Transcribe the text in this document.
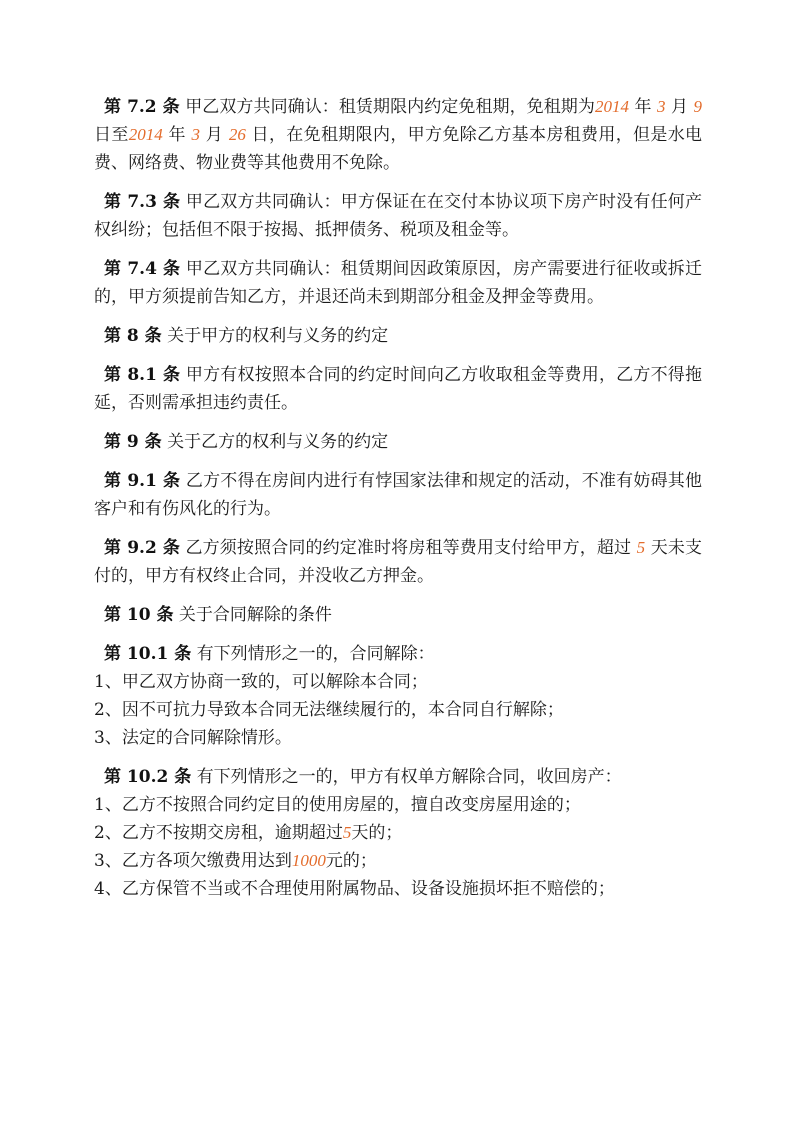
第 7.2 条 甲乙双方共同确认：租赁期限内约定免租期，免租期为2014 年 3 月 9日至2014 年 3 月 26 日，在免租期限内，甲方免除乙方基本房租费用，但是水电费、网络费、物业费等其他费用不免除。

第 7.3 条 甲乙双方共同确认：甲方保证在在交付本协议项下房产时没有任何产权纠纷；包括但不限于按揭、抵押债务、税项及租金等。

第 7.4 条 甲乙双方共同确认：租赁期间因政策原因，房产需要进行征收或拆迁的，甲方须提前告知乙方，并退还尚未到期部分租金及押金等费用。

第 8 条 关于甲方的权利与义务的约定

第 8.1 条 甲方有权按照本合同的约定时间向乙方收取租金等费用，乙方不得拖延，否则需承担违约责任。

第 9 条 关于乙方的权利与义务的约定

第 9.1 条 乙方不得在房间内进行有悖国家法律和规定的活动，不准有妨碍其他客户和有伤风化的行为。

第 9.2 条 乙方须按照合同的约定准时将房租等费用支付给甲方，超过 5 天未支付的，甲方有权终止合同，并没收乙方押金。

第 10 条 关于合同解除的条件

第 10.1 条 有下列情形之一的，合同解除：
1、甲乙双方协商一致的，可以解除本合同；
2、因不可抗力导致本合同无法继续履行的，本合同自行解除；
3、法定的合同解除情形。

第 10.2 条 有下列情形之一的，甲方有权单方解除合同，收回房产：
1、乙方不按照合同约定目的使用房屋的，擅自改变房屋用途的；
2、乙方不按期交房租，逾期超过5天的；
3、乙方各项欠缴费用达到1000元的；
4、乙方保管不当或不合理使用附属物品、设备设施损坏拒不赔偿的；
